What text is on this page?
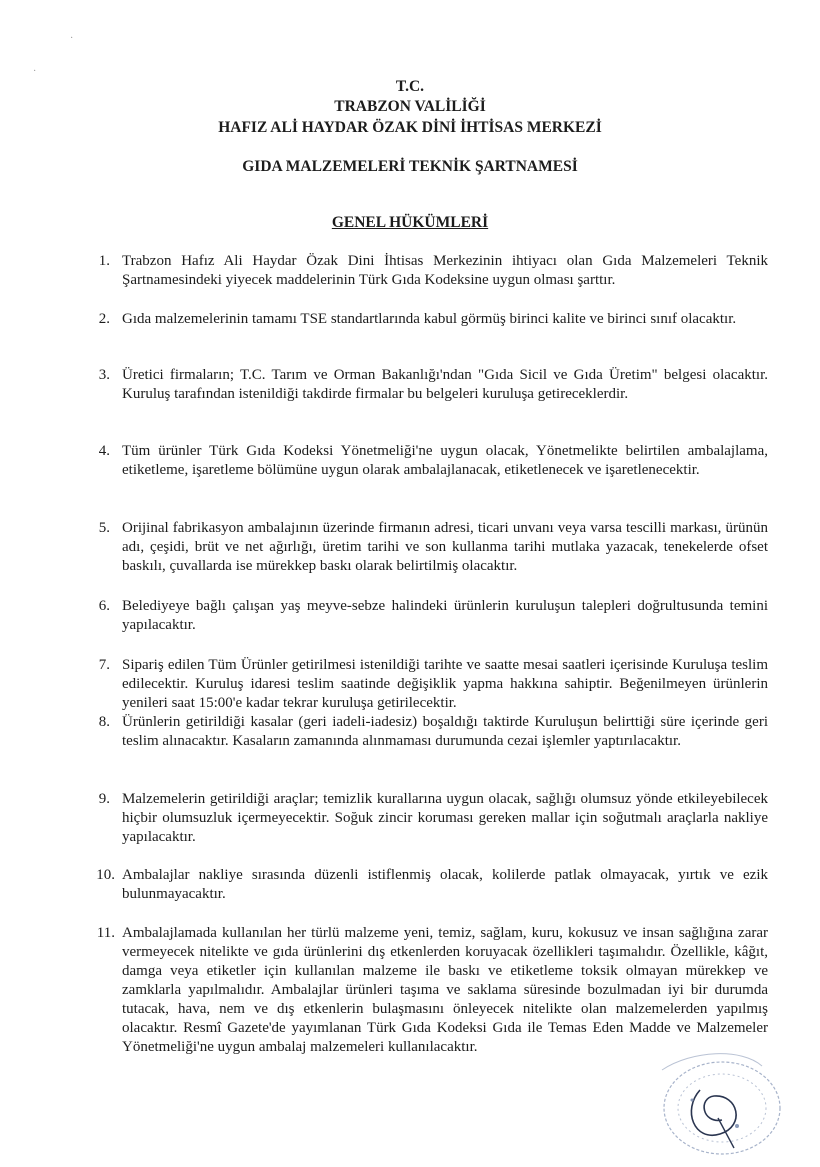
·
·
T.C.
TRABZON VALİLİĞİ
HAFIZ ALİ HAYDAR ÖZAK DİNİ İHTİSAS MERKEZİ
GIDA MALZEMELERİ TEKNİK ŞARTNAMESİ
GENEL HÜKÜMLERİ
1. Trabzon Hafız Ali Haydar Özak Dini İhtisas Merkezinin ihtiyacı olan Gıda Malzemeleri Teknik Şartnamesindeki yiyecek maddelerinin Türk Gıda Kodeksine uygun olması şarttır.
2. Gıda malzemelerinin tamamı TSE standartlarında kabul görmüş birinci kalite ve birinci sınıf olacaktır.
3. Üretici firmaların; T.C. Tarım ve Orman Bakanlığı'ndan "Gıda Sicil ve Gıda Üretim" belgesi olacaktır. Kuruluş tarafından istenildiği takdirde firmalar bu belgeleri kuruluşa getireceklerdir.
4. Tüm ürünler Türk Gıda Kodeksi Yönetmeliği'ne uygun olacak, Yönetmelikte belirtilen ambalajlama, etiketleme, işaretleme bölümüne uygun olarak ambalajlanacak, etiketlenecek ve işaretlenecektir.
5. Orijinal fabrikasyon ambalajının üzerinde firmanın adresi, ticari unvanı veya varsa tescilli markası, ürünün adı, çeşidi, brüt ve net ağırlığı, üretim tarihi ve son kullanma tarihi mutlaka yazacak, tenekelerde ofset baskılı, çuvallarda ise mürekkep baskı olarak belirtilmiş olacaktır.
6. Belediyeye bağlı çalışan yaş meyve-sebze halindeki ürünlerin kuruluşun talepleri doğrultusunda temini yapılacaktır.
7. Sipariş edilen Tüm Ürünler getirilmesi istenildiği tarihte ve saatte mesai saatleri içerisinde Kuruluşa teslim edilecektir. Kuruluş idaresi teslim saatinde değişiklik yapma hakkına sahiptir. Beğenilmeyen ürünlerin yenileri saat 15:00'e kadar tekrar kuruluşa getirilecektir.
8. Ürünlerin getirildiği kasalar (geri iadeli-iadesiz) boşaldığı taktirde Kuruluşun belirttiği süre içerinde geri teslim alınacaktır. Kasaların zamanında alınmaması durumunda cezai işlemler yaptırılacaktır.
9. Malzemelerin getirildiği araçlar; temizlik kurallarına uygun olacak, sağlığı olumsuz yönde etkileyebilecek hiçbir olumsuzluk içermeyecektir. Soğuk zincir koruması gereken mallar için soğutmalı araçlarla nakliye yapılacaktır.
10. Ambalajlar nakliye sırasında düzenli istiflenmiş olacak, kolilerde patlak olmayacak, yırtık ve ezik bulunmayacaktır.
11. Ambalajlamada kullanılan her türlü malzeme yeni, temiz, sağlam, kuru, kokusuz ve insan sağlığına zarar vermeyecek nitelikte ve gıda ürünlerini dış etkenlerden koruyacak özellikleri taşımalıdır. Özellikle, kâğıt, damga veya etiketler için kullanılan malzeme ile baskı ve etiketleme toksik olmayan mürekkep ve zamklarla yapılmalıdır. Ambalajlar ürünleri taşıma ve saklama süresinde bozulmadan iyi bir durumda tutacak, hava, nem ve dış etkenlerin bulaşmasını önleyecek nitelikte olan malzemelerden yapılmış olacaktır. Resmî Gazete'de yayımlanan Türk Gıda Kodeksi Gıda ile Temas Eden Madde ve Malzemeler Yönetmeliği'ne uygun ambalaj malzemeleri kullanılacaktır.
